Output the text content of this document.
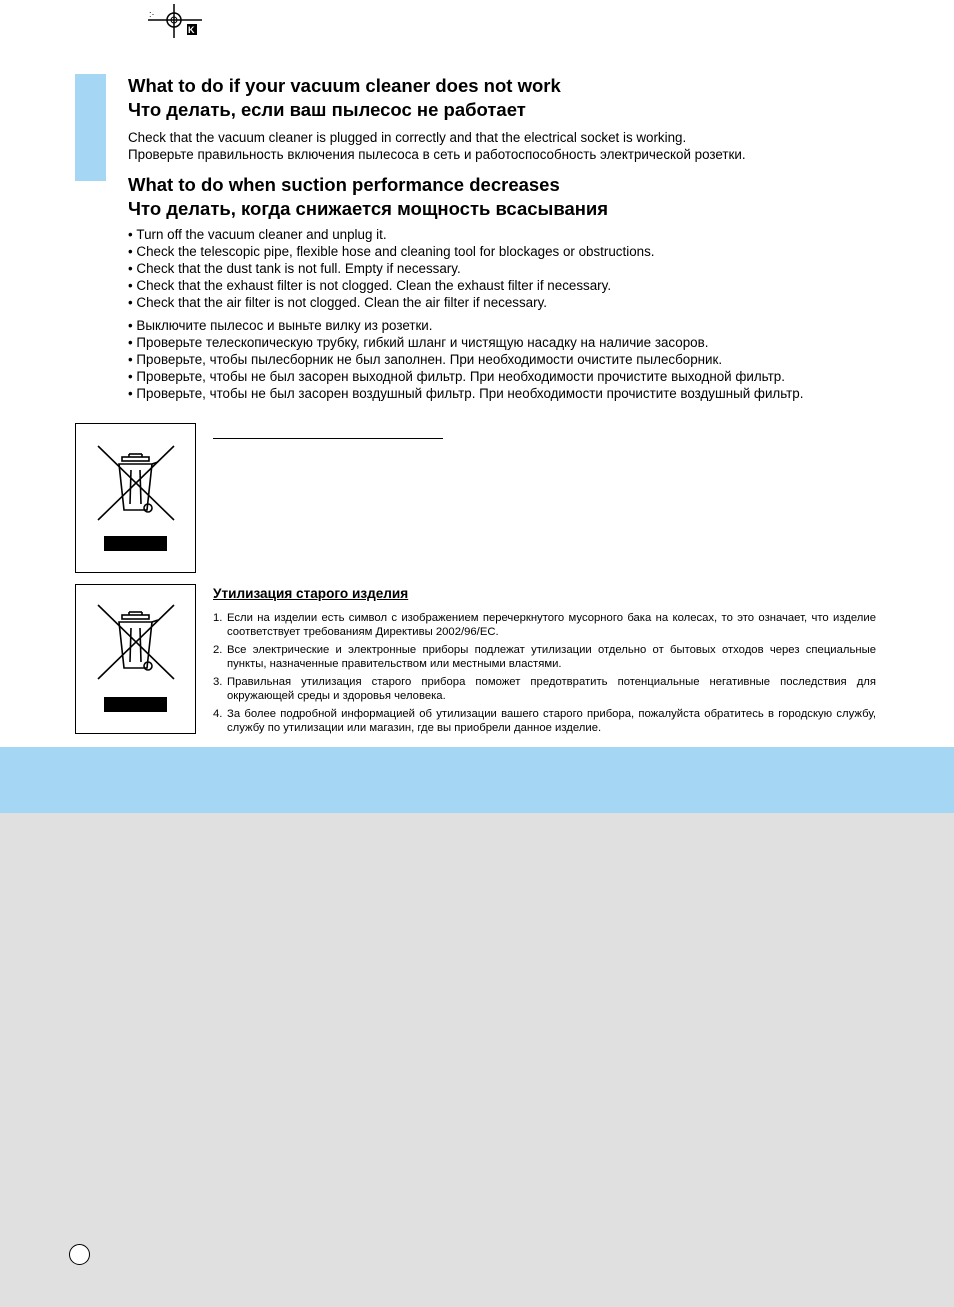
:·
K
What to do if your vacuum cleaner does not work
Что делать, если ваш пылесос не работает

Check that the vacuum cleaner is plugged in correctly and that the electrical socket is working.

Проверьте правильность включения пылесоса в сеть и работоспособность электрической розетки.

What to do when suction performance decreases
Что делать, когда снижается мощность всасывания
• Turn off the vacuum cleaner and unplug it.
• Check the telescopic pipe, flexible hose and cleaning tool for blockages or obstructions.
• Check that the dust tank is not full. Empty if necessary.
• Check that the exhaust filter is not clogged. Clean the exhaust filter if necessary.
• Check that the air filter is not clogged. Clean the air filter if necessary.
• Выключите пылесос и выньте вилку из розетки.
• Проверьте телескопическую трубку, гибкий шланг и чистящую насадку на наличие засоров.
• Проверьте, чтобы пылесборник не был заполнен. При необходимости очистите пылесборник.
• Проверьте, чтобы не был засорен выходной фильтр. При необходимости прочистите выходной фильтр.
• Проверьте, чтобы не был засорен воздушный фильтр. При необходимости прочистите воздушный фильтр.
Утилизация старого изделия
1. Если на изделии есть символ с изображением перечеркнутого мусорного бака на колесах, то это означает, что изделие соответствует требованиям Директивы 2002/96/ЕС.
2. Все электрические и электронные приборы подлежат утилизации отдельно от бытовых отходов через специальные пункты, назначенные правительством или местными властями.
3. Правильная утилизация старого прибора поможет предотвратить потенциальные негативные последствия для окружающей среды и здоровья человека.
4. За более подробной информацией об утилизации вашего старого прибора, пожалуйста обратитесь в городскую службу, службу по утилизации или магазин, где вы приобрели данное изделие.
